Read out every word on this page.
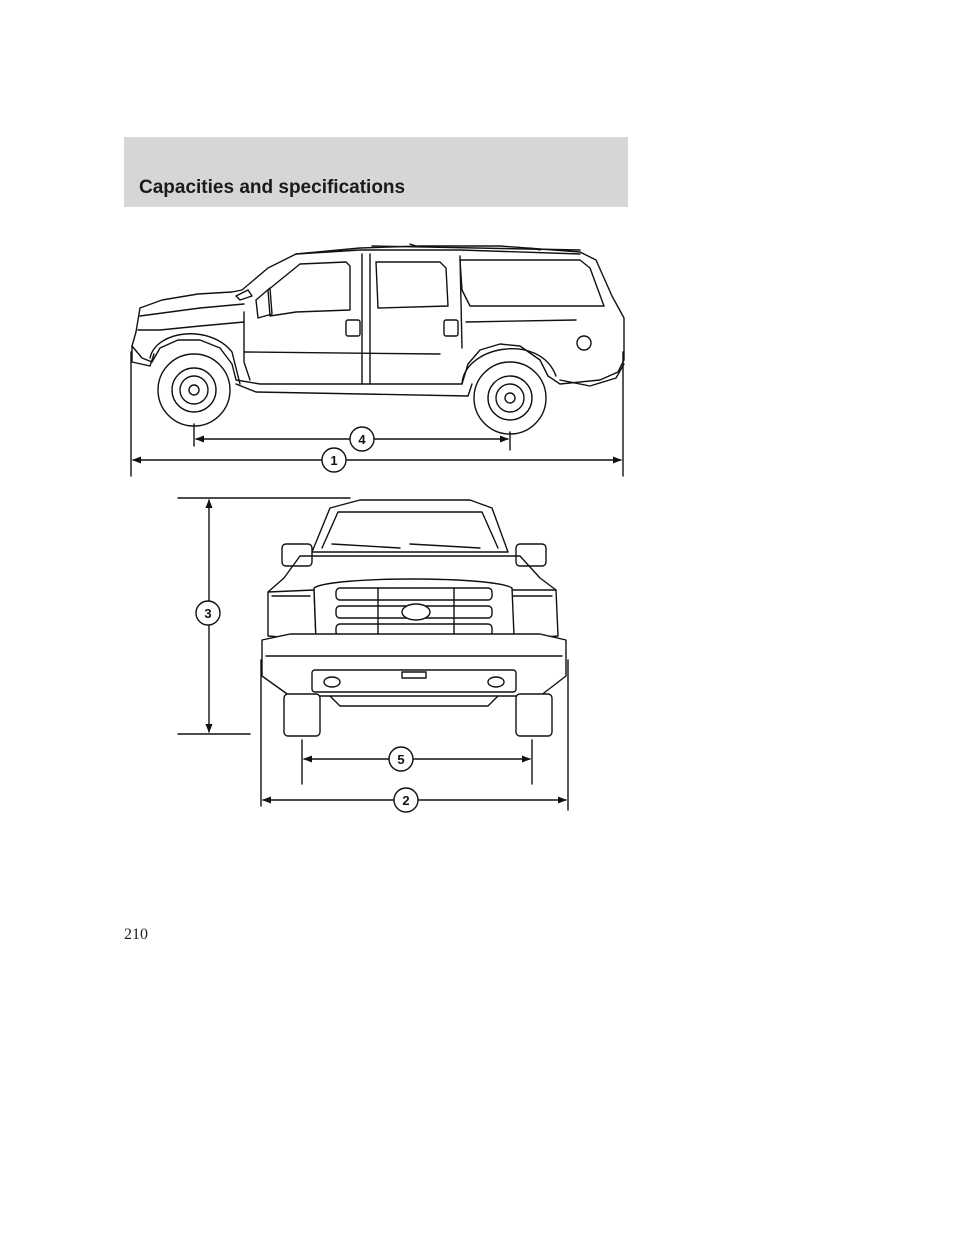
Capacities and specifications
4
1
3
5
2
210
